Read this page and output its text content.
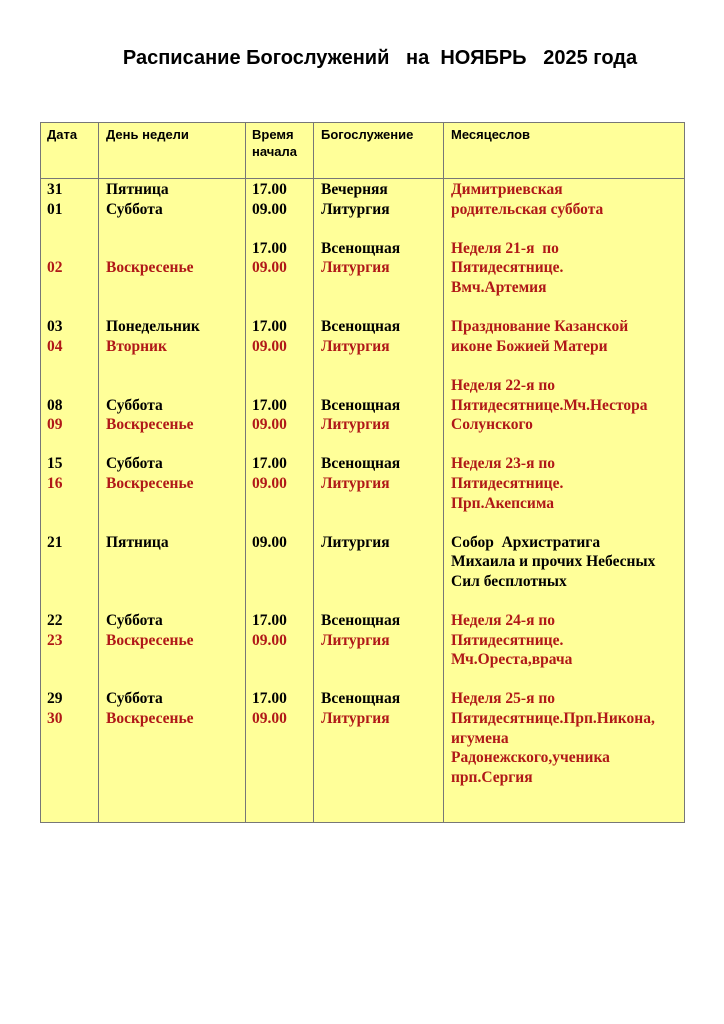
Расписание Богослужений   на  НОЯБРЬ   2025 года
Дата День недели	Время
начала
Богослужение	Месяцеслов
31
01
02
03
04
08
09
15
16
21
22
23
29
30
Пятница
Суббота
Воскресенье
Понедельник
Вторник
Суббота
Воскресенье
Суббота
Воскресенье
Пятница
Суббота
Воскресенье
Суббота
Воскресенье
17.00
09.00
17.00
09.00
17.00
09.00
17.00
09.00
17.00
09.00
09.00
17.00
09.00
17.00
09.00
Вечерняя
Литургия
Всенощная
Литургия
Всенощная
Литургия
Всенощная
Литургия
Всенощная
Литургия
Литургия
Всенощная
Литургия
Всенощная
Литургия
Димитриевская
родительская суббота
Неделя 21-я  по
Пятидесятнице.
Вмч.Артемия
Празднование Казанской
иконе Божией Матери
Неделя 22-я по
Пятидесятнице.Мч.Нестора
Солунского
Неделя 23-я по
Пятидесятнице.
Прп.Акепсима
Собор  Архистратига
Михаила и прочих Небесных
Сил бесплотных
Неделя 24-я по
Пятидесятнице.
Мч.Ореста,врача
Неделя 25-я по
Пятидесятнице.Прп.Никона,
игумена
Радонежского,ученика
прп.Сергия
